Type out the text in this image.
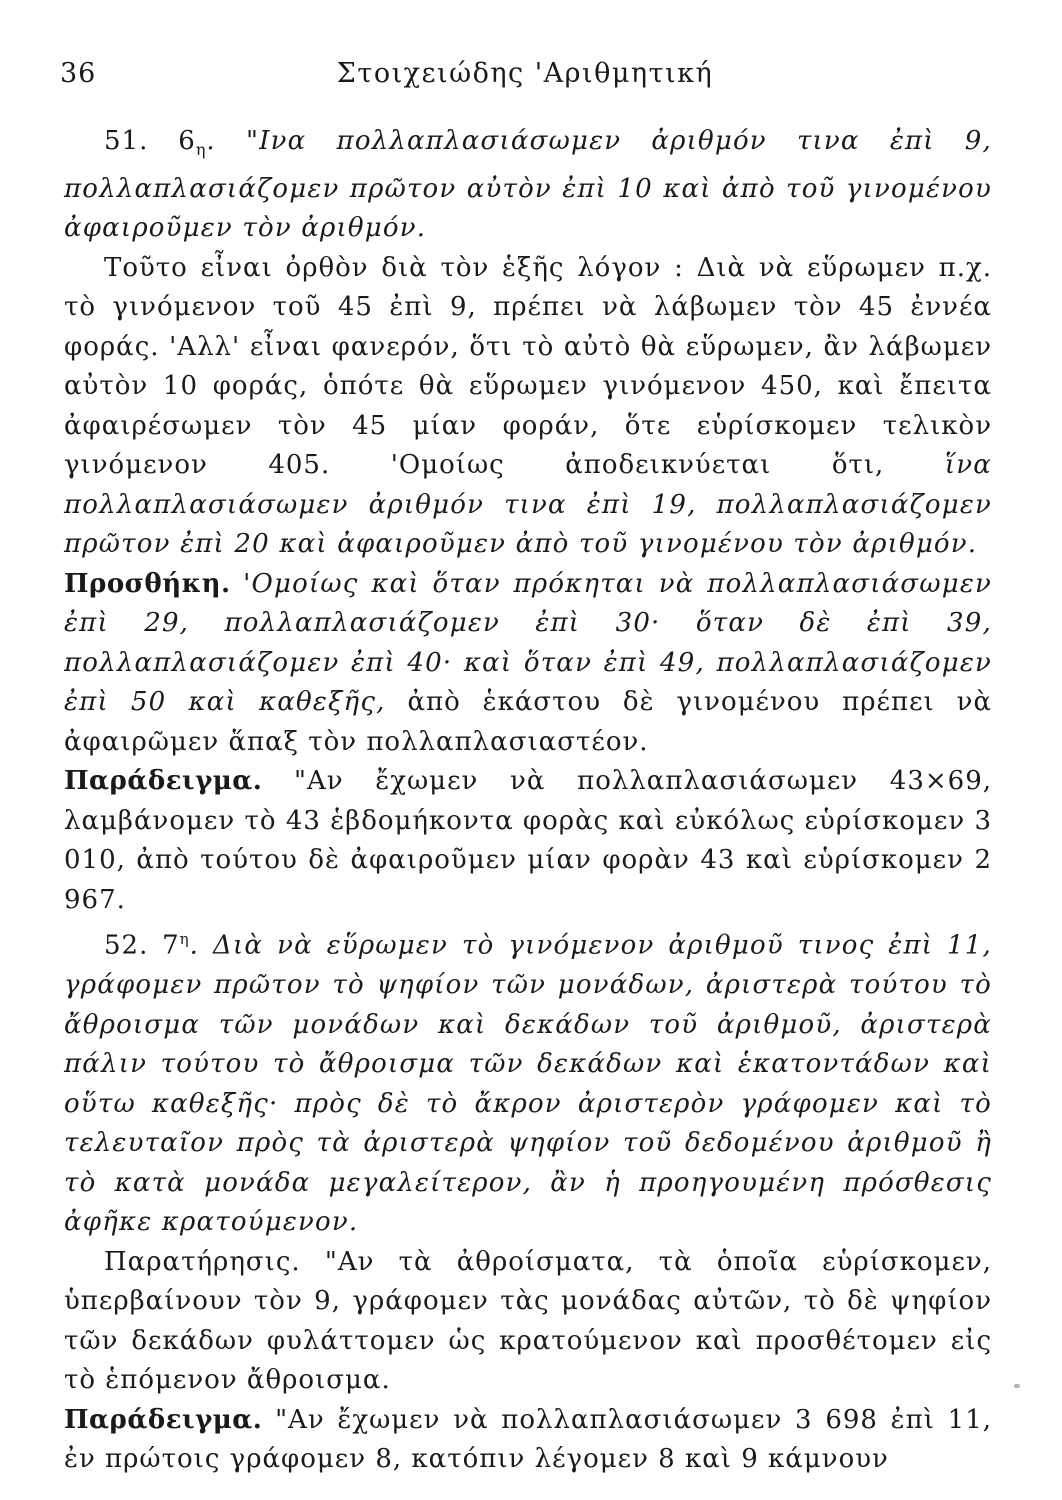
36	Στοιχειώδης 'Αριθμητική

51. $6_\eta$. "Ινα πολλαπλασιάσωμεν ἀριθμόν τινα ἐπὶ 9, πολλαπλασιάζομεν πρῶτον αὐτὸν ἐπὶ 10 καὶ ἀπὸ τοῦ γινομένου ἀφαιροῦμεν τὸν ἀριθμόν.

Τοῦτο εἶναι ὀρθὸν διὰ τὸν ἑξῆς λόγον : Διὰ νὰ εὕρωμεν π.χ. τὸ γινόμενον τοῦ 45 ἐπὶ 9, πρέπει νὰ λάβωμεν τὸν 45 ἐννέα φοράς. 'Αλλ' εἶναι φανερόν, ὅτι τὸ αὐτὸ θὰ εὕρωμεν, ἂν λάβωμεν αὐτὸν 10 φοράς, ὁπότε θὰ εὕρωμεν γινόμενον 450, καὶ ἔπειτα ἀφαιρέσωμεν τὸν 45 μίαν φοράν, ὅτε εὑρίσκομεν τελικὸν γινόμενον 405. 'Ομοίως ἀποδεικνύεται ὅτι, ἵνα πολλαπλασιάσωμεν ἀριθμόν τινα ἐπὶ 19, πολλαπλασιάζομεν πρῶτον ἐπὶ 20 καὶ ἀφαιροῦμεν ἀπὸ τοῦ γινομένου τὸν ἀριθμόν.

Προσθήκη. 'Ομοίως καὶ ὅταν πρόκηται νὰ πολλαπλασιάσωμεν ἐπὶ 29, πολλαπλασιάζομεν ἐπὶ 30· ὅταν δὲ ἐπὶ 39, πολλαπλασιάζομεν ἐπὶ 40· καὶ ὅταν ἐπὶ 49, πολλαπλασιάζομεν ἐπὶ 50 καὶ καθεξῆς, ἀπὸ ἑκάστου δὲ γινομένου πρέπει νὰ ἀφαιρῶμεν ἅπαξ τὸν πολλαπλασιαστέον.

Παράδειγμα. "Αν ἔχωμεν νὰ πολλαπλασιάσωμεν 43×69, λαμβάνομεν τὸ 43 ἑβδομήκοντα φορὰς καὶ εὐκόλως εὑρίσκομεν 3 010, ἀπὸ τούτου δὲ ἀφαιροῦμεν μίαν φορὰν 43 καὶ εὑρίσκομεν 2 967.

52. $7^\eta$. Διὰ νὰ εὕρωμεν τὸ γινόμενον ἀριθμοῦ τινος ἐπὶ 11, γράφομεν πρῶτον τὸ ψηφίον τῶν μονάδων, ἀριστερὰ τούτου τὸ ἄθροισμα τῶν μονάδων καὶ δεκάδων τοῦ ἀριθμοῦ, ἀριστερὰ πάλιν τούτου τὸ ἄθροισμα τῶν δεκάδων καὶ ἑκατοντάδων καὶ οὕτω καθεξῆς· πρὸς δὲ τὸ ἄκρον ἀριστερὸν γράφομεν καὶ τὸ τελευταῖον πρὸς τὰ ἀριστερὰ ψηφίον τοῦ δεδομένου ἀριθμοῦ ἢ τὸ κατὰ μονάδα μεγαλείτερον, ἂν ἡ προηγουμένη πρόσθεσις ἀφῆκε κρατούμενον.

Παρατήρησις. "Αν τὰ ἀθροίσματα, τὰ ὁποῖα εὑρίσκομεν, ὑπερβαίνουν τὸν 9, γράφομεν τὰς μονάδας αὐτῶν, τὸ δὲ ψηφίον τῶν δεκάδων φυλάττομεν ὡς κρατούμενον καὶ προσθέτομεν εἰς τὸ ἑπόμενον ἄθροισμα.

Παράδειγμα. "Αν ἔχωμεν νὰ πολλαπλασιάσωμεν 3 698 ἐπὶ 11, ἐν πρώτοις γράφομεν 8, κατόπιν λέγομεν 8 καὶ 9 κάμνουν
